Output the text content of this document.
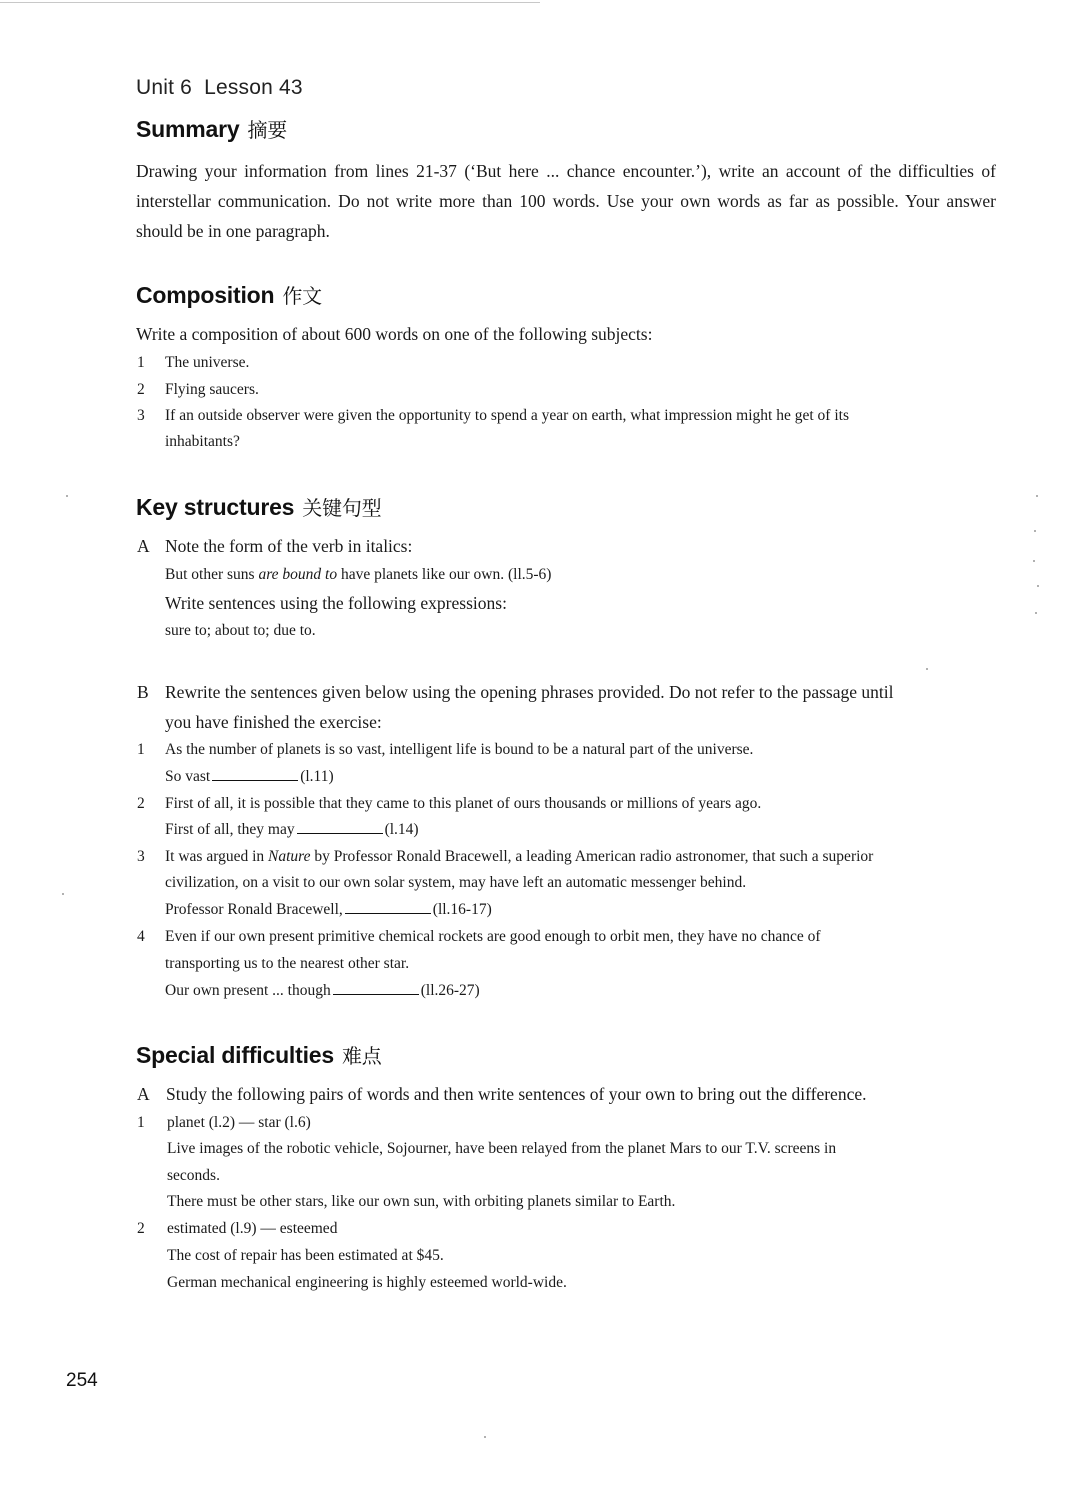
Unit 6 Lesson 43
Summary 摘要
Drawing your information from lines 21-37 (‘But here ... chance encounter.’), write an account of the difficulties of interstellar communication. Do not write more than 100 words. Use your own words as far as possible. Your answer should be in one paragraph.
Composition 作文
Write a composition of about 600 words on one of the following subjects:
1 The universe.
2 Flying saucers.
3 If an outside observer were given the opportunity to spend a year on earth, what impression might he get of its
inhabitants?
Key structures 关键句型
A Note the form of the verb in italics:
But other suns are bound to have planets like our own. (ll.5-6)
Write sentences using the following expressions:
sure to; about to; due to.
B Rewrite the sentences given below using the opening phrases provided. Do not refer to the passage until
you have finished the exercise:
1 As the number of planets is so vast, intelligent life is bound to be a natural part of the universe.
So vast	(l.11)
2 First of all, it is possible that they came to this planet of ours thousands or millions of years ago.
First of all, they may	(l.14)
3 It was argued in Nature by Professor Ronald Bracewell, a leading American radio astronomer, that such a superior
civilization, on a visit to our own solar system, may have left an automatic messenger behind.
Professor Ronald Bracewell,	(ll.16-17)
4 Even if our own present primitive chemical rockets are good enough to orbit men, they have no chance of
transporting us to the nearest other star.
Our own present ... though	(ll.26-27)
Special difficulties 难点
A Study the following pairs of words and then write sentences of your own to bring out the difference.
1 planet (l.2) — star (l.6)
Live images of the robotic vehicle, Sojourner, have been relayed from the planet Mars to our T.V. screens in
seconds.
There must be other stars, like our own sun, with orbiting planets similar to Earth.
2 estimated (l.9) — esteemed
The cost of repair has been estimated at $45.
German mechanical engineering is highly esteemed world-wide.
254
